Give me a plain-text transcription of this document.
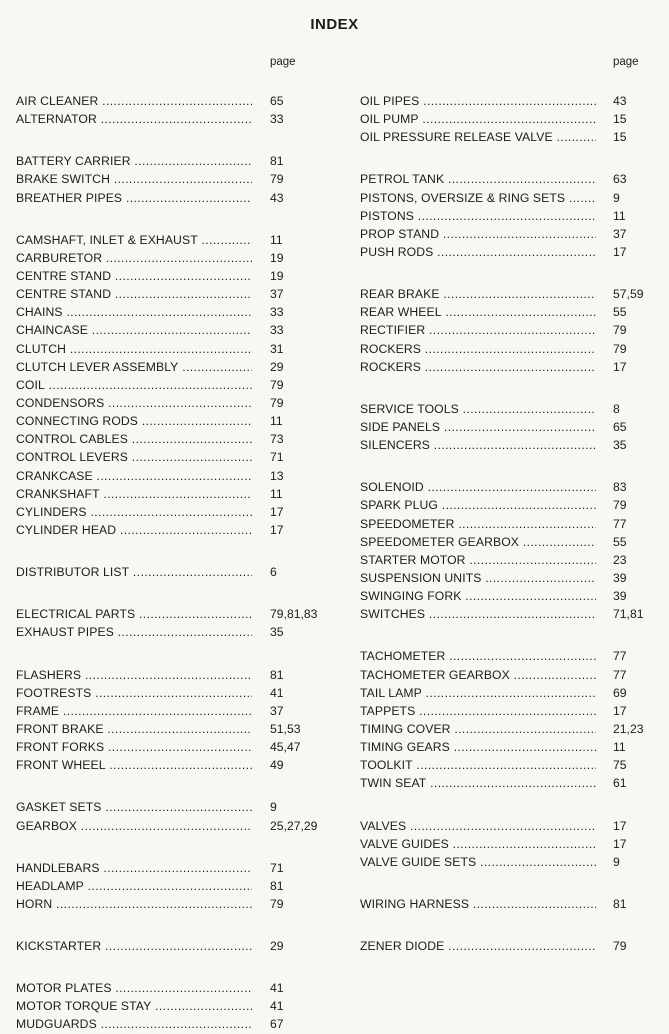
INDEX
page
AIR CLEANER .....	65
ALTERNATOR .....	33
BATTERY CARRIER .....	81
BRAKE SWITCH .....	79
BREATHER PIPES .....	43
CAMSHAFT, INLET & EXHAUST .....	11
CARBURETOR .....	19
CENTRE STAND .....	19
CENTRE STAND .....	37
CHAINS .....	33
CHAINCASE .....	33
CLUTCH .....	31
CLUTCH LEVER ASSEMBLY .....	29
COIL .....	79
CONDENSORS .....	79
CONNECTING RODS .....	11
CONTROL CABLES .....	73
CONTROL LEVERS .....	71
CRANKCASE .....	13
CRANKSHAFT .....	11
CYLINDERS .....	17
CYLINDER HEAD .....	17
DISTRIBUTOR LIST .....	6
ELECTRICAL PARTS .....	79,81,83
EXHAUST PIPES .....	35
FLASHERS .....	81
FOOTRESTS .....	41
FRAME .....	37
FRONT BRAKE .....	51,53
FRONT FORKS .....	45,47
FRONT WHEEL .....	49
GASKET SETS .....	9
GEARBOX .....	25,27,29
HANDLEBARS .....	71
HEADLAMP .....	81
HORN .....	79
KICKSTARTER .....	29
MOTOR PLATES .....	41
MOTOR TORQUE STAY .....	41
MUDGUARDS .....	67
page
OIL PIPES .....	43
OIL PUMP .....	15
OIL PRESSURE RELEASE VALVE .....	15
PETROL TANK .....	63
PISTONS, OVERSIZE & RING SETS .....	9
PISTONS .....	11
PROP STAND .....	37
PUSH RODS .....	17
REAR BRAKE .....	57,59
REAR WHEEL .....	55
RECTIFIER .....	79
ROCKERS .....	79
ROCKERS .....	17
SERVICE TOOLS .....	8
SIDE PANELS .....	65
SILENCERS .....	35
SOLENOID .....	83
SPARK PLUG .....	79
SPEEDOMETER .....	77
SPEEDOMETER GEARBOX .....	55
STARTER MOTOR .....	23
SUSPENSION UNITS .....	39
SWINGING FORK .....	39
SWITCHES .....	71,81
TACHOMETER .....	77
TACHOMETER GEARBOX .....	77
TAIL LAMP .....	69
TAPPETS .....	17
TIMING COVER .....	21,23
TIMING GEARS .....	11
TOOLKIT .....	75
TWIN SEAT .....	61
VALVES .....	17
VALVE GUIDES .....	17
VALVE GUIDE SETS .....	9
WIRING HARNESS .....	81
ZENER DIODE .....	79
